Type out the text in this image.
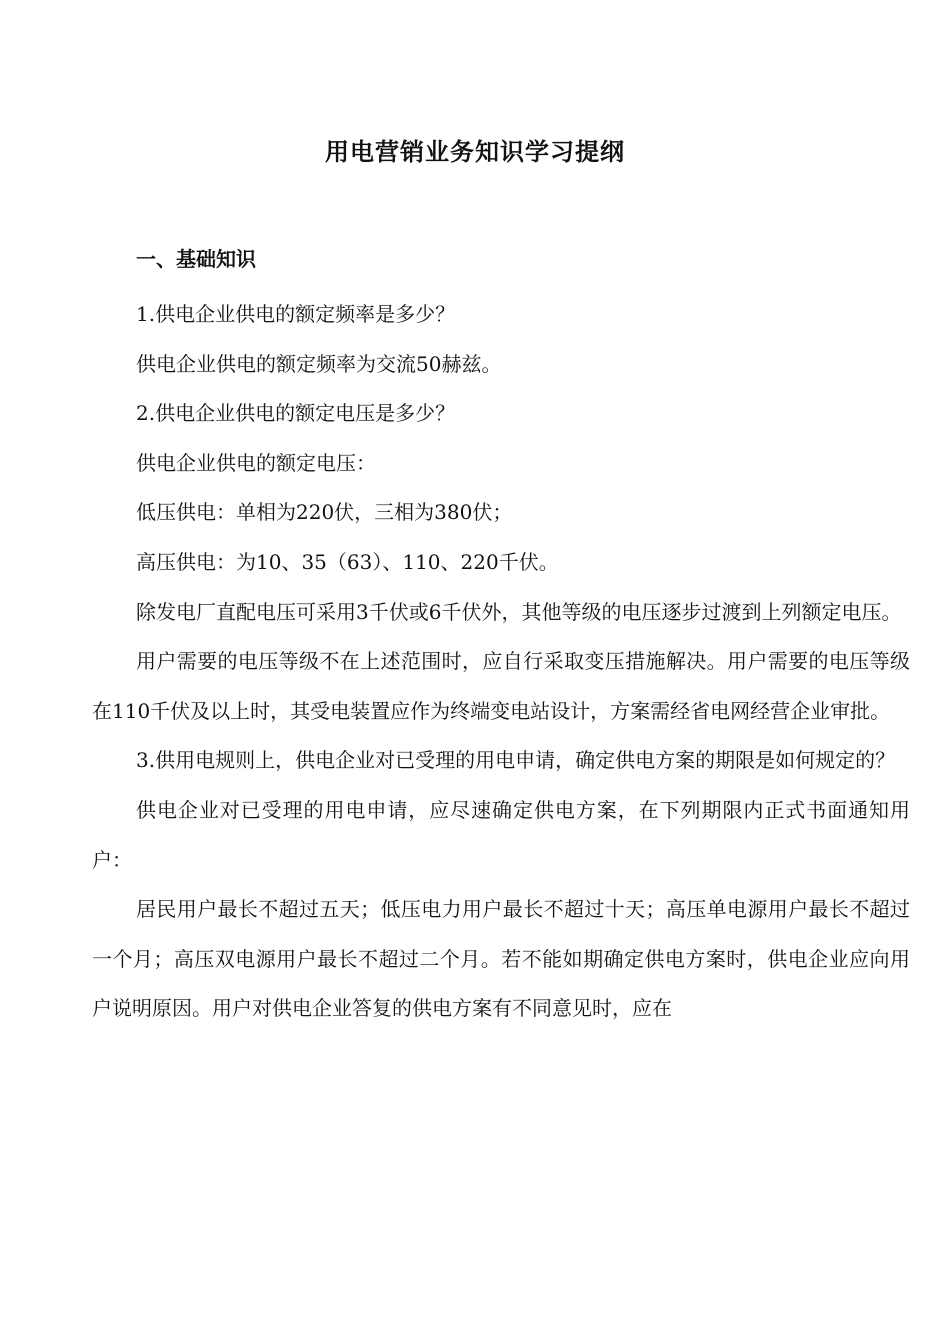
用电营销业务知识学习提纲
一、基础知识

1.供电企业供电的额定频率是多少？

供电企业供电的额定频率为交流50赫兹。

2.供电企业供电的额定电压是多少？

供电企业供电的额定电压：

低压供电：单相为220伏，三相为380伏；

高压供电：为10、35（63）、110、220千伏。

除发电厂直配电压可采用3千伏或6千伏外，其他等级的电压逐步过渡到上列额定电压。

用户需要的电压等级不在上述范围时，应自行采取变压措施解决。用户需要的电压等级在110千伏及以上时，其受电装置应作为终端变电站设计，方案需经省电网经营企业审批。

3.供用电规则上，供电企业对已受理的用电申请，确定供电方案的期限是如何规定的？

供电企业对已受理的用电申请，应尽速确定供电方案，在下列期限内正式书面通知用户：

居民用户最长不超过五天；低压电力用户最长不超过十天；高压单电源用户最长不超过一个月；高压双电源用户最长不超过二个月。若不能如期确定供电方案时，供电企业应向用户说明原因。用户对供电企业答复的供电方案有不同意见时，应在
